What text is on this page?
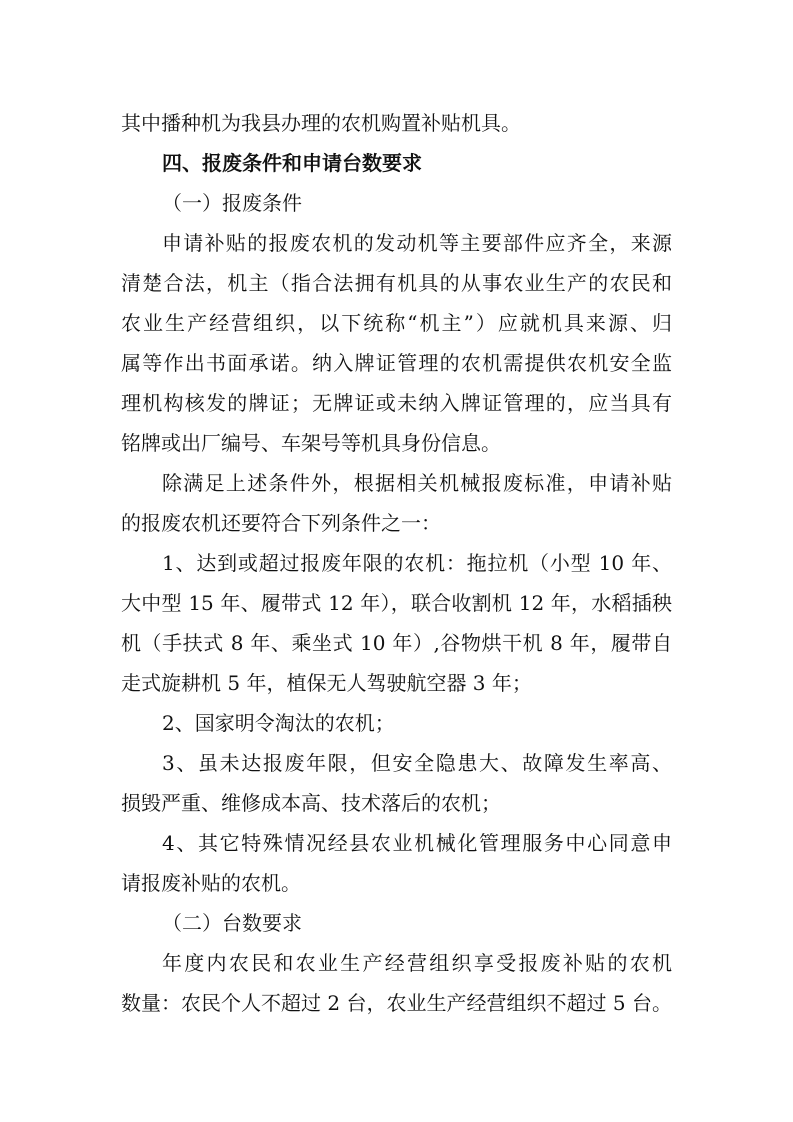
其中播种机为我县办理的农机购置补贴机具。
四、报废条件和申请台数要求
（一）报废条件
申请补贴的报废农机的发动机等主要部件应齐全，来源
清楚合法，机主（指合法拥有机具的从事农业生产的农民和
农业生产经营组织，以下统称“机主”）应就机具来源、归
属等作出书面承诺。纳入牌证管理的农机需提供农机安全监
理机构核发的牌证；无牌证或未纳入牌证管理的，应当具有
铭牌或出厂编号、车架号等机具身份信息。
除满足上述条件外，根据相关机械报废标准，申请补贴
的报废农机还要符合下列条件之一：
1、达到或超过报废年限的农机：拖拉机（小型 10 年、
大中型 15 年、履带式 12 年），联合收割机 12 年，水稻插秧
机（手扶式 8 年、乘坐式 10 年）,谷物烘干机 8 年，履带自
走式旋耕机 5 年，植保无人驾驶航空器 3 年；
2、国家明令淘汰的农机；
3、虽未达报废年限，但安全隐患大、故障发生率高、
损毁严重、维修成本高、技术落后的农机；
4、其它特殊情况经县农业机械化管理服务中心同意申
请报废补贴的农机。
（二）台数要求
年度内农民和农业生产经营组织享受报废补贴的农机
数量：农民个人不超过 2 台，农业生产经营组织不超过 5 台。
